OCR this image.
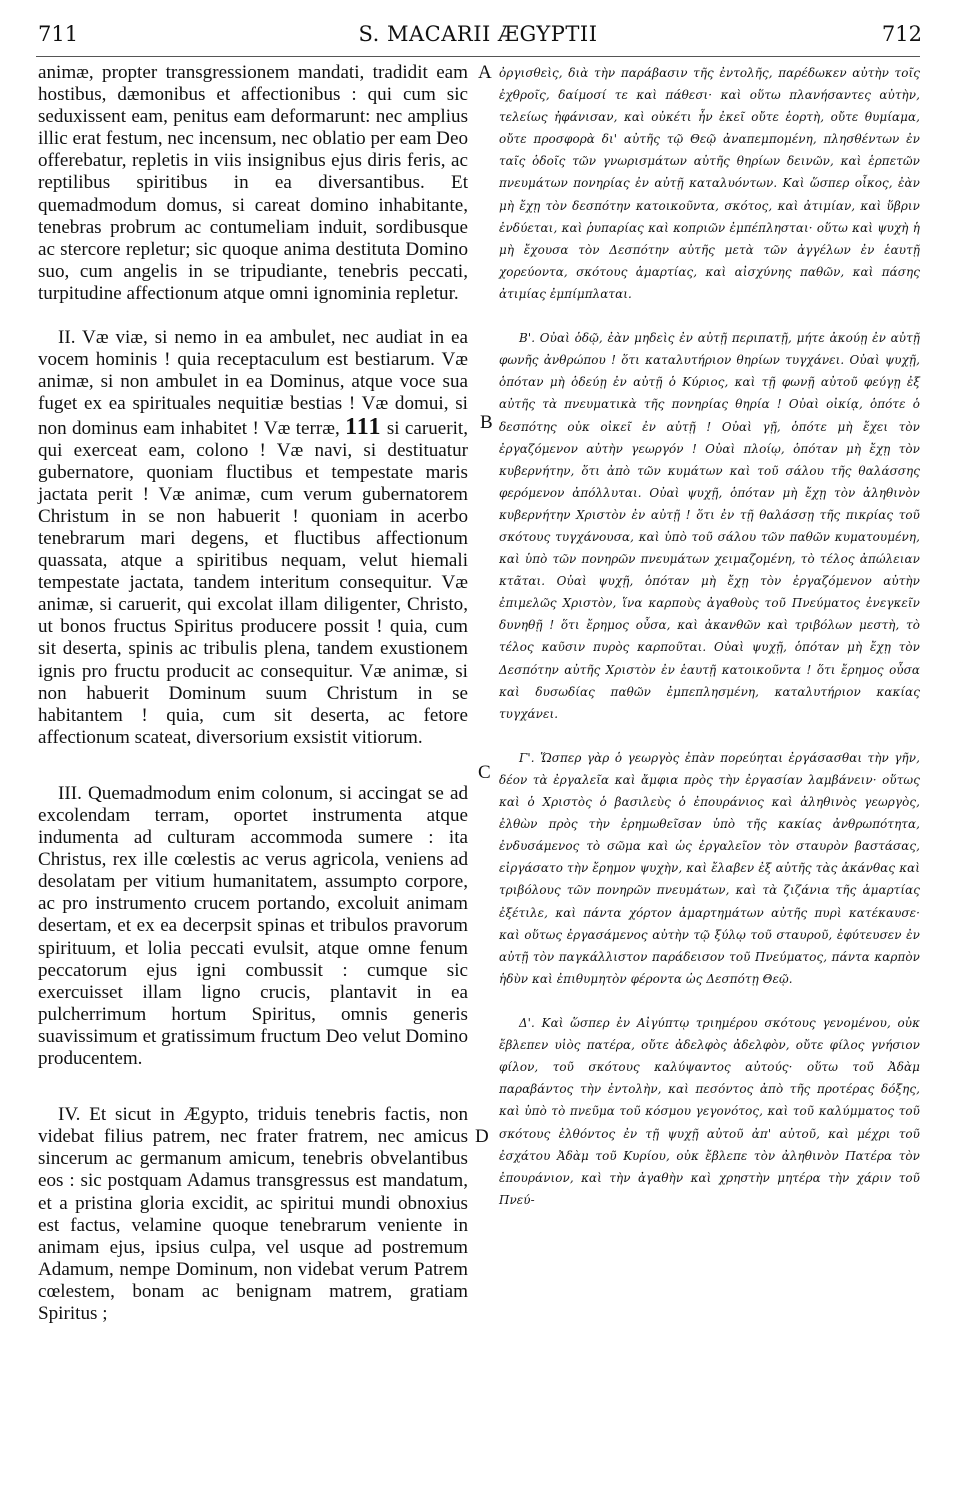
711	S. MACARII ÆGYPTII	712

animæ, propter transgressionem mandati, tradidit eam hostibus, dæmonibus et affectionibus : qui cum sic seduxissent eam, penitus eam deformarunt: nec amplius illic erat festum, nec incensum, nec oblatio per eam Deo offerebatur, repletis in viis insignibus ejus diris feris, ac reptilibus spiritibus in ea diversantibus. Et quemadmodum domus, si careat domino inhabitante, tenebras probrum ac contumeliam induit, sordibusque ac stercore repletur; sic quoque anima destituta Domino suo, cum angelis in se tripudiante, tenebris peccati, turpitudine affectionum atque omni ignominia repletur.

II. Væ viæ, si nemo in ea ambulet, nec audiat in ea vocem hominis ! quia receptaculum est bestiarum. Væ animæ, si non ambulet in ea Dominus, atque voce sua fuget ex ea spirituales nequitiæ bestias ! Væ domui, si non dominus eam inhabitet ! Væ terræ, 111 si caruerit, qui exerceat eam, colono ! Væ navi, si destituatur gubernatore, quoniam fluctibus et tempestate maris jactata perit ! Væ animæ, cum verum gubernatorem Christum in se non habuerit ! quoniam in acerbo tenebrarum mari degens, et fluctibus affectionum quassata, atque a spiritibus nequam, velut hiemali tempestate jactata, tandem interitum consequitur. Væ animæ, si caruerit, qui excolat illam diligenter, Christo, ut bonos fructus Spiritus producere possit ! quia, cum sit deserta, spinis ac tribulis plena, tandem exustionem ignis pro fructu producit ac consequitur. Væ animæ, si non habuerit Dominum suum Christum in se habitantem ! quia, cum sit deserta, ac fetore affectionum scateat, diversorium exsistit vitiorum.

III. Quemadmodum enim colonum, si accingat se ad excolendam terram, oportet instrumenta atque indumenta ad culturam accommoda sumere : ita Christus, rex ille cœlestis ac verus agricola, veniens ad desolatam per vitium humanitatem, assumpto corpore, ac pro instrumento crucem portando, excoluit animam desertam, et ex ea decerpsit spinas et tribulos pravorum spirituum, et lolia peccati evulsit, atque omne fenum peccatorum ejus igni combussit : cumque sic exercuisset illam ligno crucis, plantavit in ea pulcherrimum hortum Spiritus, omnis generis suavissimum et gratissimum fructum Deo velut Domino producentem.

IV. Et sicut in Ægypto, triduis tenebris factis, non videbat filius patrem, nec frater fratrem, nec amicus sincerum ac germanum amicum, tenebris obvelantibus eos : sic postquam Adamus transgressus est mandatum, et a pristina gloria excidit, ac spiritui mundi obnoxius est factus, velamine quoque tenebrarum veniente in animam ejus, ipsius culpa, vel usque ad postremum Adamum, nempe Dominum, non videbat verum Patrem cœlestem, bonam ac benignam matrem, gratiam Spiritus ;

A
B
C
D

ὀργισθεὶς, διὰ τὴν παράβασιν τῆς ἐντολῆς, παρέδωκεν αὐτὴν τοῖς ἐχθροῖς, δαίμοσί τε καὶ πάθεσι· καὶ οὕτω πλανήσαντες αὐτὴν, τελείως ἠφάνισαν, καὶ οὐκέτι ἦν ἐκεῖ οὔτε ἑορτὴ, οὔτε θυμίαμα, οὔτε προσφορὰ δι' αὐτῆς τῷ Θεῷ ἀναπεμπομένη, πλησθέντων ἐν ταῖς ὁδοῖς τῶν γνωρισμάτων αὐτῆς θηρίων δεινῶν, καὶ ἑρπετῶν πνευμάτων πονηρίας ἐν αὐτῇ καταλυόντων. Καὶ ὥσπερ οἶκος, ἐὰν μὴ ἔχῃ τὸν δεσπότην κατοικοῦντα, σκότος, καὶ ἀτιμίαν, καὶ ὕβριν ἐνδύεται, καὶ ῥυπαρίας καὶ κοπριῶν ἐμπέπλησται· οὕτω καὶ ψυχὴ ἡ μὴ ἔχουσα τὸν Δεσπότην αὐτῆς μετὰ τῶν ἀγγέλων ἐν ἑαυτῇ χορεύοντα, σκότους ἁμαρτίας, καὶ αἰσχύνης παθῶν, καὶ πάσης ἀτιμίας ἐμπίμπλαται.

Β'. Οὐαὶ ὁδῷ, ἐὰν μηδεὶς ἐν αὐτῇ περιπατῇ, μήτε ἀκούῃ ἐν αὐτῇ φωνῆς ἀνθρώπου ! ὅτι καταλυτήριον θηρίων τυγχάνει. Οὐαὶ ψυχῇ, ὁπόταν μὴ ὁδεύῃ ἐν αὐτῇ ὁ Κύριος, καὶ τῇ φωνῇ αὐτοῦ φεύγῃ ἐξ αὐτῆς τὰ πνευματικὰ τῆς πονηρίας θηρία ! Οὐαὶ οἰκίᾳ, ὁπότε ὁ δεσπότης οὐκ οἰκεῖ ἐν αὐτῇ ! Οὐαὶ γῇ, ὁπότε μὴ ἔχει τὸν ἐργαζόμενον αὐτὴν γεωργόν ! Οὐαὶ πλοίῳ, ὁπόταν μὴ ἔχῃ τὸν κυβερνήτην, ὅτι ἀπὸ τῶν κυμάτων καὶ τοῦ σάλου τῆς θαλάσσης φερόμενον ἀπόλλυται. Οὐαὶ ψυχῇ, ὁπόταν μὴ ἔχῃ τὸν ἀληθινὸν κυβερνήτην Χριστὸν ἐν αὐτῇ ! ὅτι ἐν τῇ θαλάσσῃ τῆς πικρίας τοῦ σκότους τυγχάνουσα, καὶ ὑπὸ τοῦ σάλου τῶν παθῶν κυματουμένη, καὶ ὑπὸ τῶν πονηρῶν πνευμάτων χειμαζομένη, τὸ τέλος ἀπώλειαν κτᾶται. Οὐαὶ ψυχῇ, ὁπόταν μὴ ἔχῃ τὸν ἐργαζόμενον αὐτὴν ἐπιμελῶς Χριστὸν, ἵνα καρποὺς ἀγαθοὺς τοῦ Πνεύματος ἐνεγκεῖν δυνηθῇ ! ὅτι ἔρημος οὖσα, καὶ ἀκανθῶν καὶ τριβόλων μεστὴ, τὸ τέλος καῦσιν πυρὸς καρποῦται. Οὐαὶ ψυχῇ, ὁπόταν μὴ ἔχῃ τὸν Δεσπότην αὐτῆς Χριστὸν ἐν ἑαυτῇ κατοικοῦντα ! ὅτι ἔρημος οὖσα καὶ δυσωδίας παθῶν ἐμπεπλησμένη, καταλυτήριον κακίας τυγχάνει.

Γ'. Ὥσπερ γὰρ ὁ γεωργὸς ἐπὰν πορεύηται ἐργάσασθαι τὴν γῆν, δέον τὰ ἐργαλεῖα καὶ ἄμφια πρὸς τὴν ἐργασίαν λαμβάνειν· οὕτως καὶ ὁ Χριστὸς ὁ βασιλεὺς ὁ ἐπουράνιος καὶ ἀληθινὸς γεωργὸς, ἐλθὼν πρὸς τὴν ἐρημωθεῖσαν ὑπὸ τῆς κακίας ἀνθρωπότητα, ἐνδυσάμενος τὸ σῶμα καὶ ὡς ἐργαλεῖον τὸν σταυρὸν βαστάσας, εἰργάσατο τὴν ἔρημον ψυχὴν, καὶ ἔλαβεν ἐξ αὐτῆς τὰς ἀκάνθας καὶ τριβόλους τῶν πονηρῶν πνευμάτων, καὶ τὰ ζιζάνια τῆς ἁμαρτίας ἐξέτιλε, καὶ πάντα χόρτον ἁμαρτημάτων αὐτῆς πυρὶ κατέκαυσε· καὶ οὕτως ἐργασάμενος αὐτὴν τῷ ξύλῳ τοῦ σταυροῦ, ἐφύτευσεν ἐν αὐτῇ τὸν παγκάλλιστον παράδεισον τοῦ Πνεύματος, πάντα καρπὸν ἡδὺν καὶ ἐπιθυμητὸν φέροντα ὡς Δεσπότῃ Θεῷ.

Δ'. Καὶ ὥσπερ ἐν Αἰγύπτῳ τριημέρου σκότους γενομένου, οὐκ ἔβλεπεν υἱὸς πατέρα, οὔτε ἀδελφὸς ἀδελφὸν, οὔτε φίλος γνήσιον φίλον, τοῦ σκότους καλύψαντος αὐτούς· οὕτω τοῦ Ἀδὰμ παραβάντος τὴν ἐντολὴν, καὶ πεσόντος ἀπὸ τῆς προτέρας δόξης, καὶ ὑπὸ τὸ πνεῦμα τοῦ κόσμου γεγονότος, καὶ τοῦ καλύμματος τοῦ σκότους ἐλθόντος ἐν τῇ ψυχῇ αὐτοῦ ἀπ' αὐτοῦ, καὶ μέχρι τοῦ ἐσχάτου Ἀδὰμ τοῦ Κυρίου, οὐκ ἔβλεπε τὸν ἀληθινὸν Πατέρα τὸν ἐπουράνιον, καὶ τὴν ἀγαθὴν καὶ χρηστὴν μητέρα τὴν χάριν τοῦ Πνεύ-
